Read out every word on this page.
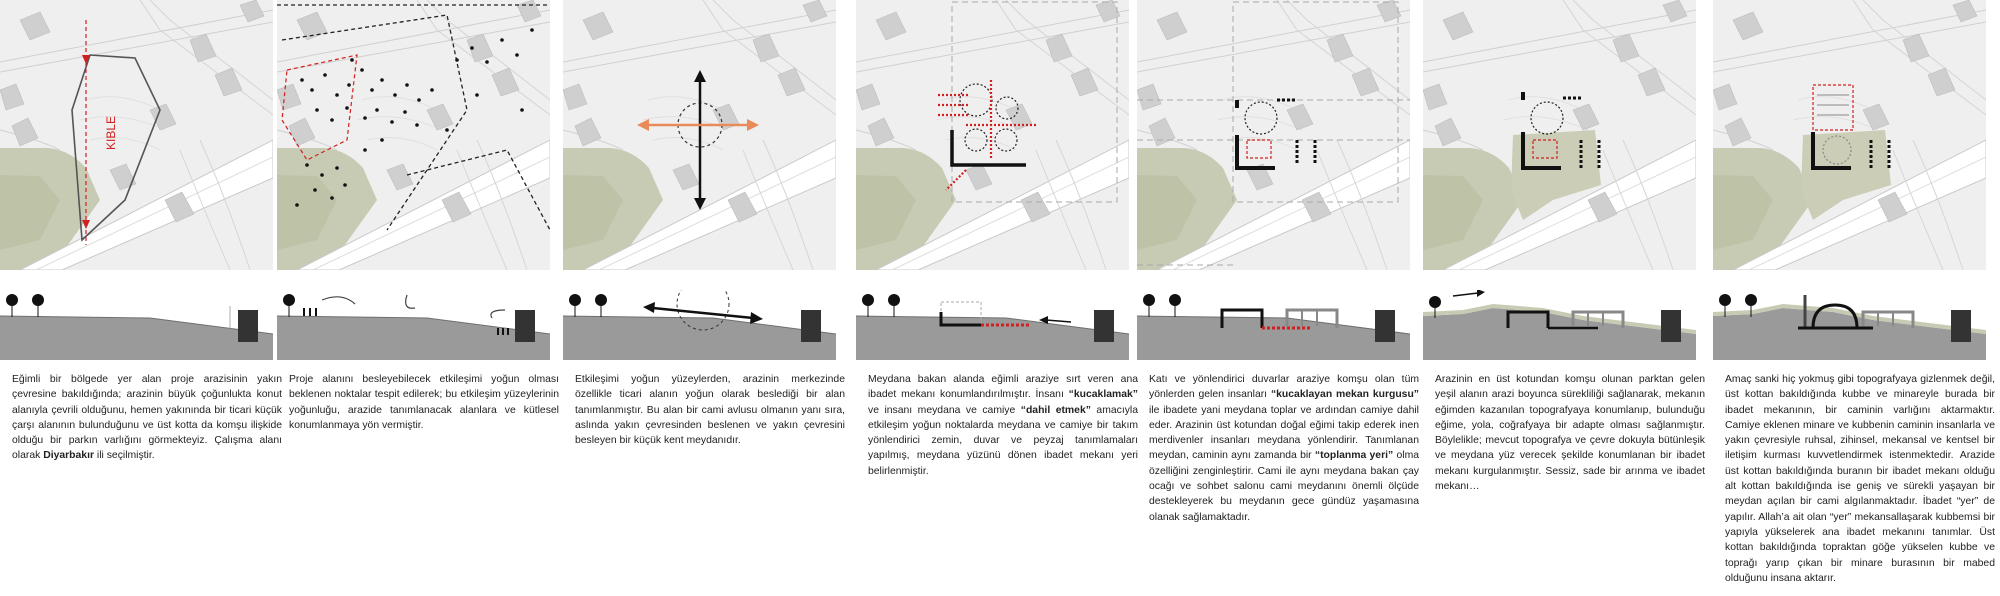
KIBLE
Eğimli bir bölgede yer alan proje arazisinin yakın çevresine bakıldığında; arazinin büyük çoğunlukta konut alanıyla çevrili olduğunu, hemen yakınında bir ticari küçük çarşı alanının bulunduğunu ve üst kotta da komşu ilişkide olduğu bir parkın varlığını görmekteyiz. Çalışma alanı olarak Diyarbakır ili seçilmiştir.
Proje alanını besleyebilecek etkileşimi yoğun olması beklenen noktalar tespit edilerek; bu etkileşim yüzeylerinin yoğunluğu, arazide tanımlanacak alanlara ve kütlesel konumlanmaya yön vermiştir.
Etkileşimi yoğun yüzeylerden, arazinin merkezinde özellikle ticari alanın yoğun olarak beslediği bir alan tanımlanmıştır. Bu alan bir cami avlusu olmanın yanı sıra, aslında yakın çevresinden beslenen ve yakın çevresini besleyen bir küçük kent meydanıdır.
Meydana bakan alanda eğimli araziye sırt veren ana ibadet mekanı konumlandırılmıştır. İnsanı “kucaklamak” ve insanı meydana ve camiye “dahil etmek” amacıyla etkileşim yoğun noktalarda meydana ve camiye bir takım yönlendirici zemin, duvar ve peyzaj tanımlamaları yapılmış, meydana yüzünü dönen ibadet mekanı yeri belirlenmiştir.
Katı ve yönlendirici duvarlar araziye komşu olan tüm yönlerden gelen insanları “kucaklayan mekan kurgusu” ile ibadete yani meydana toplar ve ardından camiye dahil eder. Arazinin üst kotundan doğal eğimi takip ederek inen merdivenler insanları meydana yönlendirir. Tanımlanan meydan, caminin aynı zamanda bir “toplanma yeri” olma özelliğini zenginleştirir. Cami ile aynı meydana bakan çay ocağı ve sohbet salonu cami meydanını önemli ölçüde destekleyerek bu meydanın gece gündüz yaşamasına olanak sağlamaktadır.
Arazinin en üst kotundan komşu olunan parktan gelen yeşil alanın arazi boyunca sürekliliği sağlanarak, mekanın eğimden kazanılan topografyaya konumlanıp, bulunduğu eğime, yola, coğrafyaya bir adapte olması sağlanmıştır. Böylelikle; mevcut topografya ve çevre dokuyla bütünleşik ve meydana yüz verecek şekilde konumlanan bir ibadet mekanı kurgulanmıştır. Sessiz, sade bir arınma ve ibadet mekanı…
Amaç sanki hiç yokmuş gibi topografyaya gizlenmek değil, üst kottan bakıldığında kubbe ve minareyle burada bir ibadet mekanının, bir caminin varlığını aktarmaktır. Camiye eklenen minare ve kubbenin caminin insanlarla ve yakın çevresiyle ruhsal, zihinsel, mekansal ve kentsel bir iletişim kurması kuvvetlendirmek istenmektedir. Arazide üst kottan bakıldığında buranın bir ibadet mekanı olduğu alt kottan bakıldığında ise geniş ve sürekli yaşayan bir meydan açılan bir cami algılanmaktadır. İbadet “yer” de yapılır. Allah’a ait olan “yer” mekansallaşarak kubbemsi bir yapıyla yükselerek ana ibadet mekanını tanımlar. Üst kottan bakıldığında topraktan göğe yükselen kubbe ve toprağı yarıp çıkan bir minare burasının bir mabed olduğunu insana aktarır.
